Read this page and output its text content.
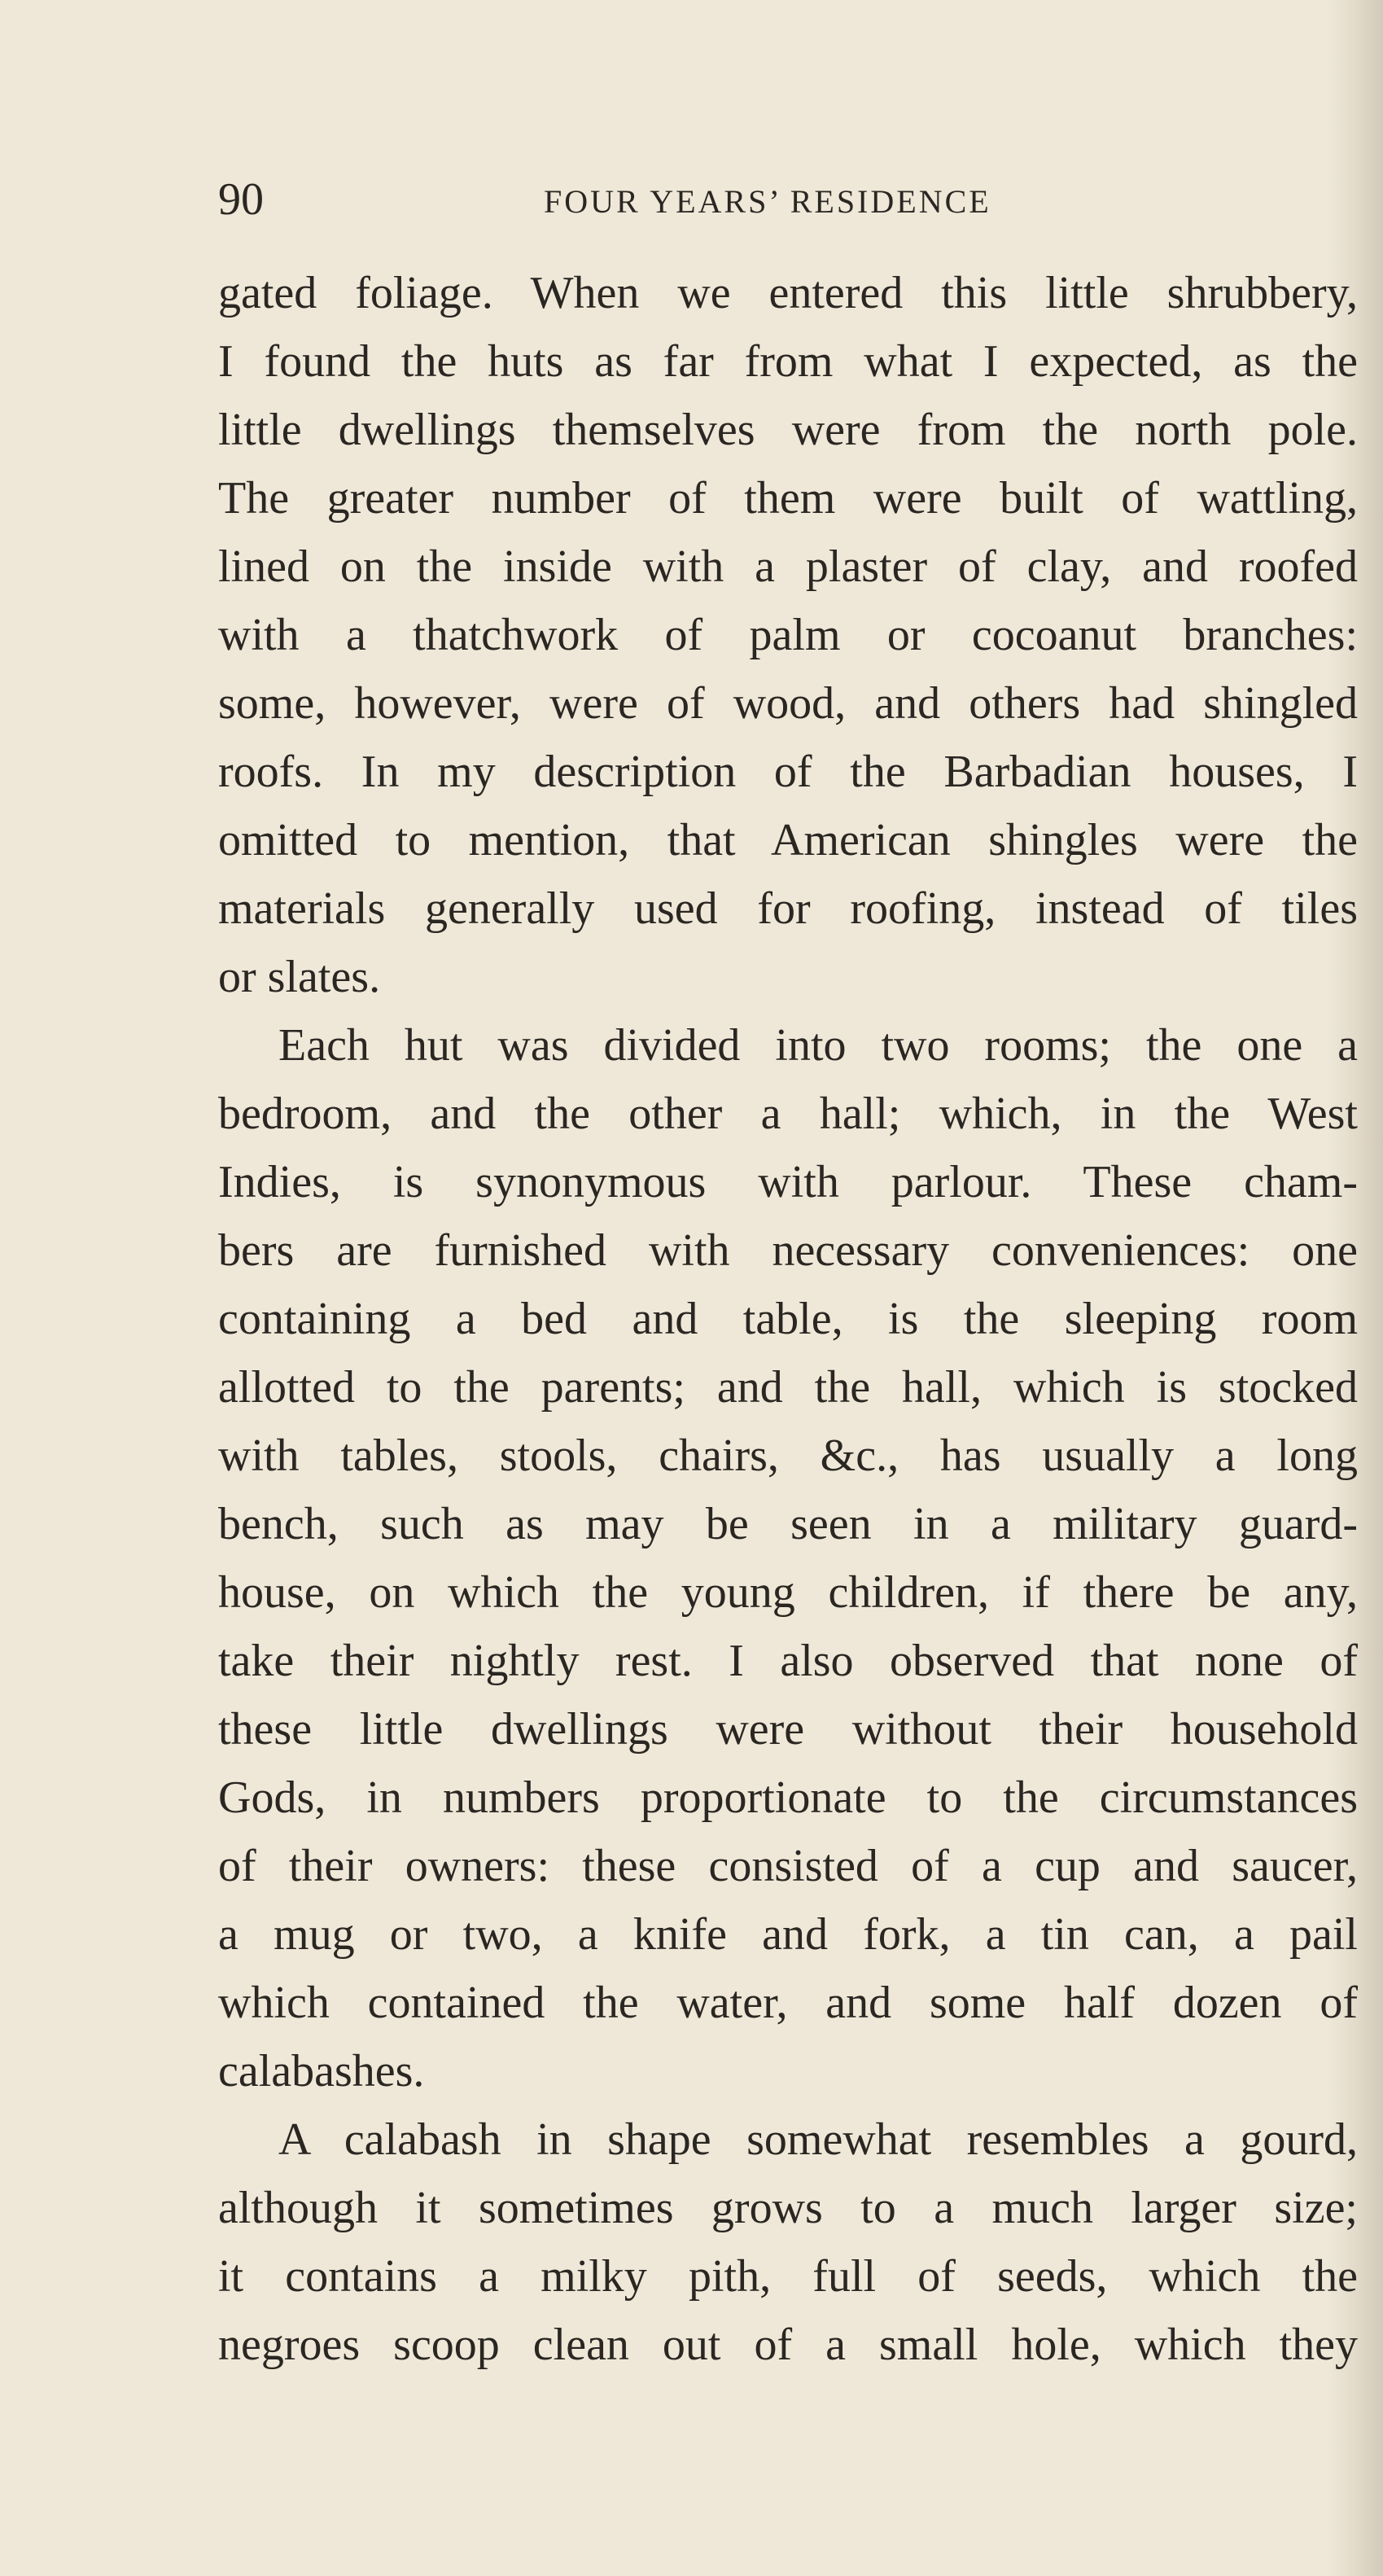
90	FOUR YEARS’ RESIDENCE
gated foliage. When we entered this little shrubbery,
I found the huts as far from what I expected, as the
little dwellings themselves were from the north pole.
The greater number of them were built of wattling,
lined on the inside with a plaster of clay, and roofed
with a thatchwork of palm or cocoanut branches:
some, however, were of wood, and others had shingled
roofs. In my description of the Barbadian houses, I
omitted to mention, that American shingles were the
materials generally used for roofing, instead of tiles
or slates.
Each hut was divided into two rooms; the one a
bedroom, and the other a hall; which, in the West
Indies, is synonymous with parlour. These cham-
bers are furnished with necessary conveniences: one
containing a bed and table, is the sleeping room
allotted to the parents; and the hall, which is stocked
with tables, stools, chairs, &c., has usually a long
bench, such as may be seen in a military guard-
house, on which the young children, if there be any,
take their nightly rest. I also observed that none of
these little dwellings were without their household
Gods, in numbers proportionate to the circumstances
of their owners: these consisted of a cup and saucer,
a mug or two, a knife and fork, a tin can, a pail
which contained the water, and some half dozen of
calabashes.
A calabash in shape somewhat resembles a gourd,
although it sometimes grows to a much larger size;
it contains a milky pith, full of seeds, which the
negroes scoop clean out of a small hole, which they
